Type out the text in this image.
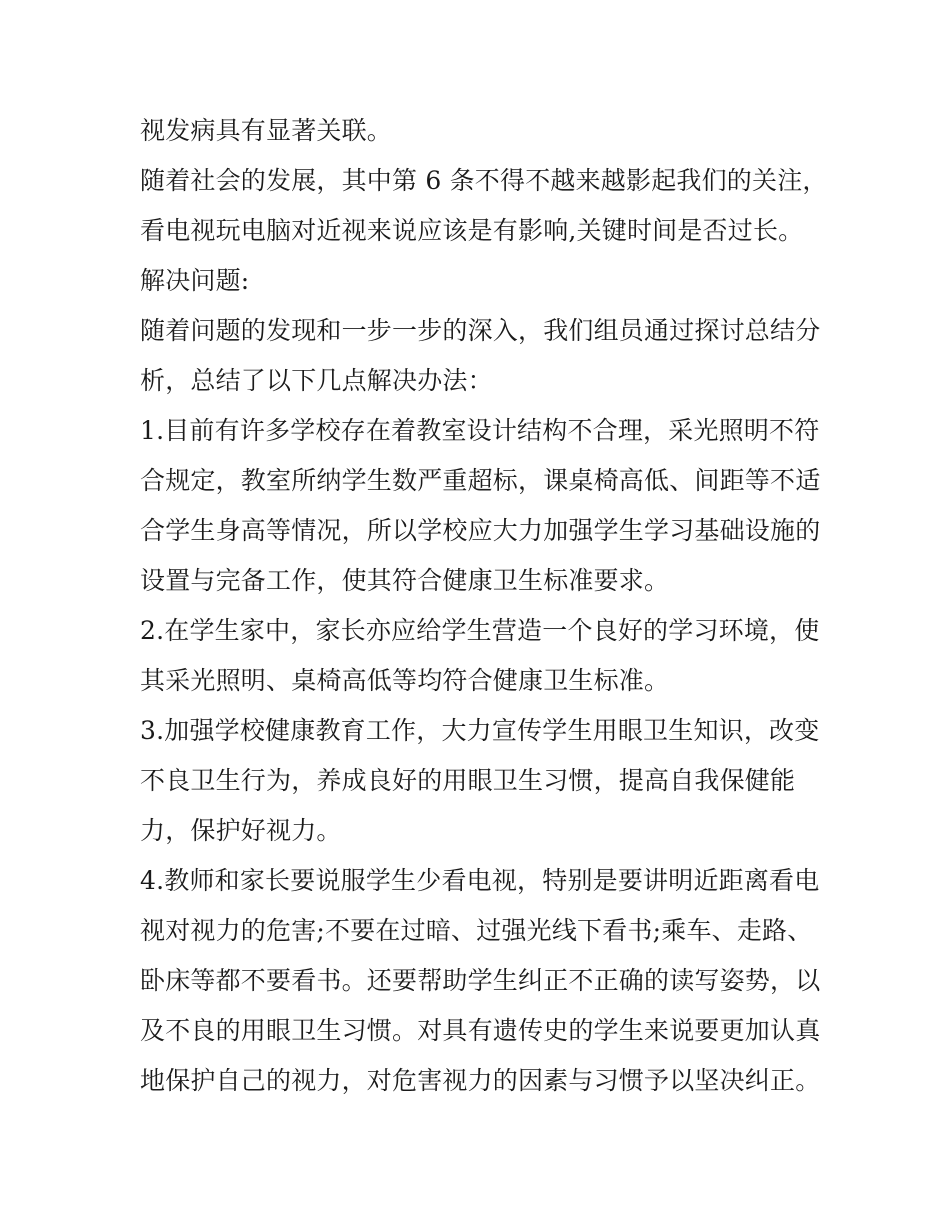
视发病具有显著关联。
随着社会的发展，其中第 6 条不得不越来越影起我们的关注，
看电视玩电脑对近视来说应该是有影响,关键时间是否过长。
解决问题:
随着问题的发现和一步一步的深入，我们组员通过探讨总结分
析，总结了以下几点解决办法：
1.目前有许多学校存在着教室设计结构不合理，采光照明不符
合规定，教室所纳学生数严重超标，课桌椅高低、间距等不适
合学生身高等情况，所以学校应大力加强学生学习基础设施的
设置与完备工作，使其符合健康卫生标准要求。
2.在学生家中，家长亦应给学生营造一个良好的学习环境，使
其采光照明、桌椅高低等均符合健康卫生标准。
3.加强学校健康教育工作，大力宣传学生用眼卫生知识，改变
不良卫生行为，养成良好的用眼卫生习惯，提高自我保健能
力，保护好视力。
4.教师和家长要说服学生少看电视，特别是要讲明近距离看电
视对视力的危害;不要在过暗、过强光线下看书;乘车、走路、
卧床等都不要看书。还要帮助学生纠正不正确的读写姿势，以
及不良的用眼卫生习惯。对具有遗传史的学生来说要更加认真
地保护自己的视力，对危害视力的因素与习惯予以坚决纠正。
